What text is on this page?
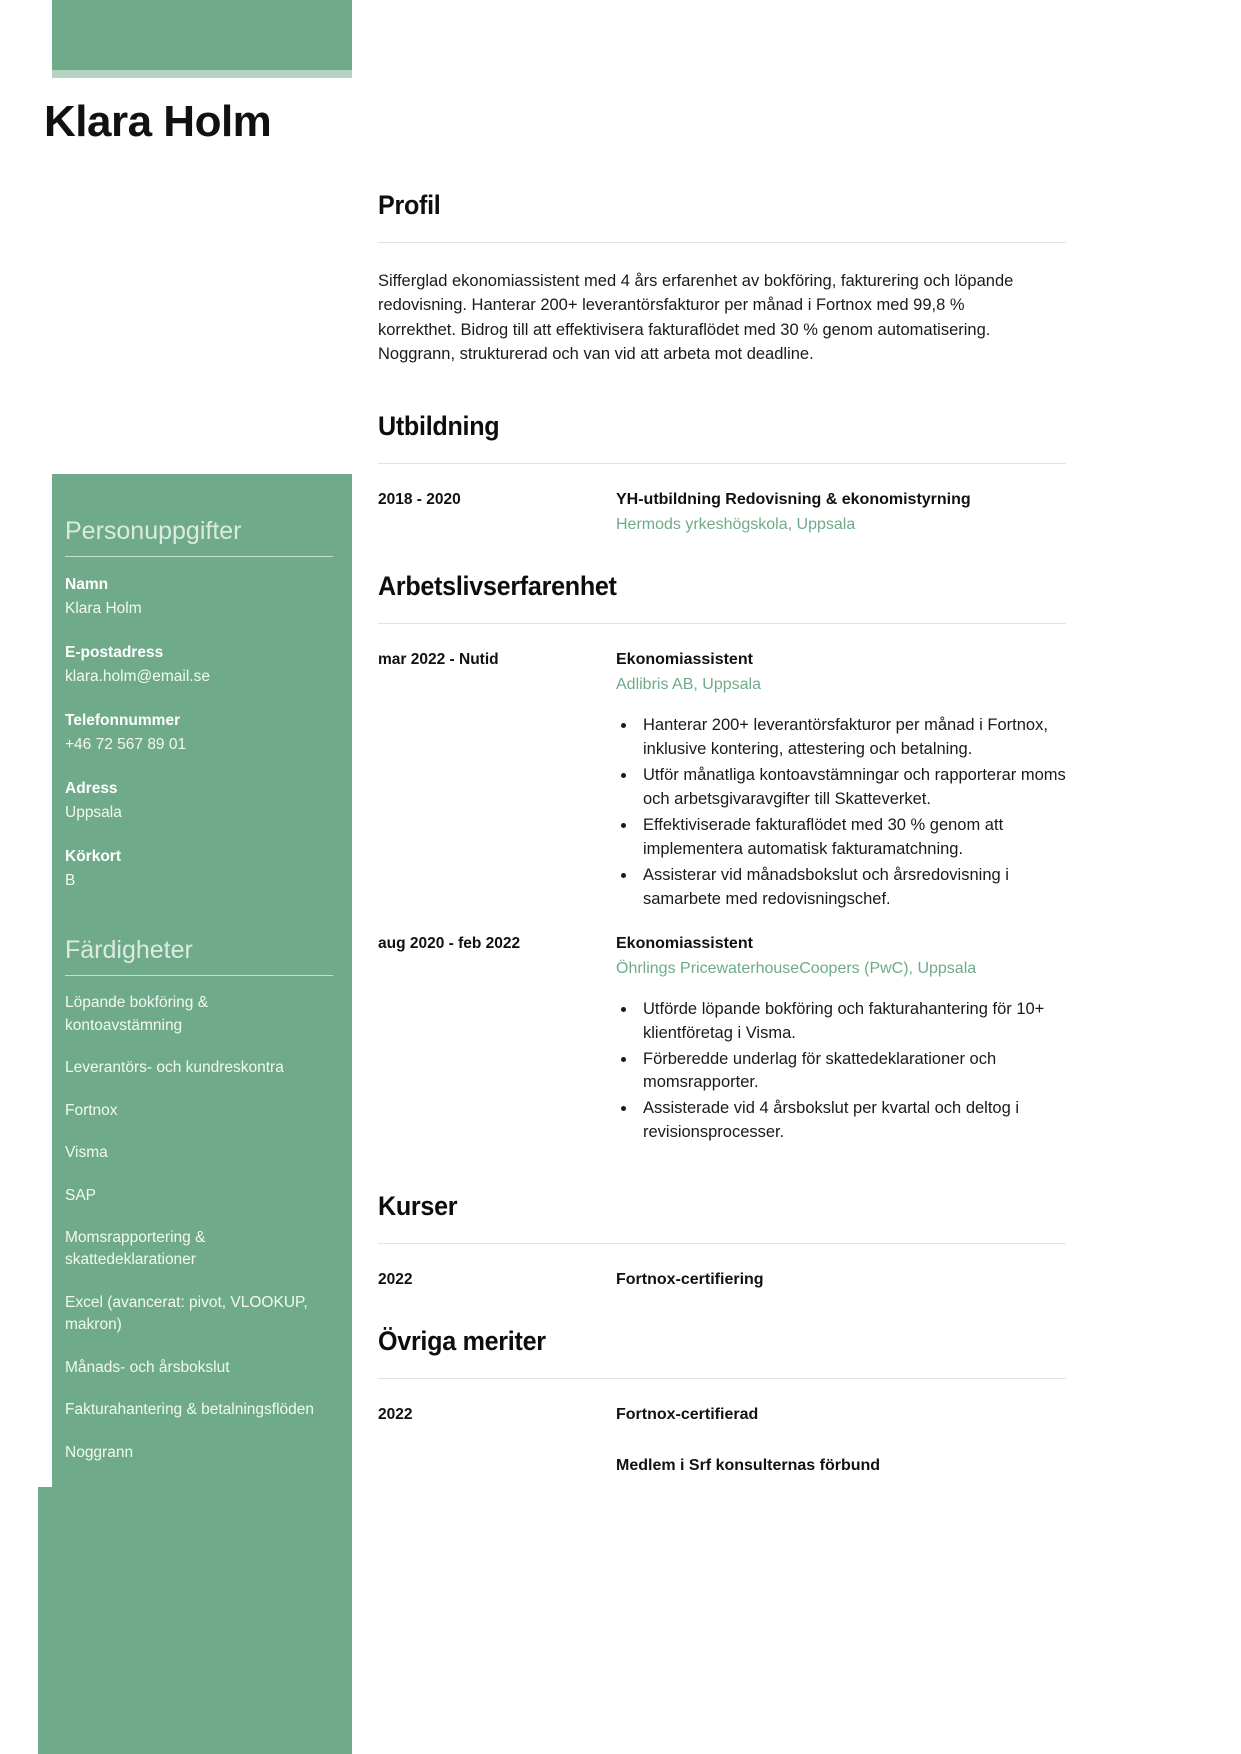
Klara Holm
Personuppgifter
Namn
Klara Holm
E-postadress
klara.holm@email.se
Telefonnummer
+46 72 567 89 01
Adress
Uppsala
Körkort
B
Färdigheter
Löpande bokföring & kontoavstämning
Leverantörs- och kundreskontra
Fortnox
Visma
SAP
Momsrapportering & skattedeklarationer
Excel (avancerat: pivot, VLOOKUP, makron)
Månads- och årsbokslut
Fakturahantering & betalningsflöden
Noggrann
Profil

Sifferglad ekonomiassistent med 4 års erfarenhet av bokföring, fakturering och löpande redovisning. Hanterar 200+ leverantörsfakturor per månad i Fortnox med 99,8 % korrekthet. Bidrog till att effektivisera fakturaflödet med 30 % genom automatisering. Noggrann, strukturerad och van vid att arbeta mot deadline.

Utbildning
2018 - 2020	YH-utbildning Redovisning & ekonomistyrning
Hermods yrkeshögskola, Uppsala
Arbetslivserfarenhet
mar 2022 - Nutid	Ekonomiassistent
Adlibris AB, Uppsala
• Hanterar 200+ leverantörsfakturor per månad i Fortnox, inklusive kontering, attestering och betalning.
• Utför månatliga kontoavstämningar och rapporterar moms och arbetsgivaravgifter till Skatteverket.
• Effektiviserade fakturaflödet med 30 % genom att implementera automatisk fakturamatchning.
• Assisterar vid månadsbokslut och årsredovisning i samarbete med redovisningschef.
aug 2020 - feb 2022	Ekonomiassistent
Öhrlings PricewaterhouseCoopers (PwC), Uppsala
• Utförde löpande bokföring och fakturahantering för 10+ klientföretag i Visma.
• Förberedde underlag för skattedeklarationer och momsrapporter.
• Assisterade vid 4 årsbokslut per kvartal och deltog i revisionsprocesser.
Kurser
2022	Fortnox-certifiering
Övriga meriter
2022	Fortnox-certifierad
Medlem i Srf konsulternas förbund
